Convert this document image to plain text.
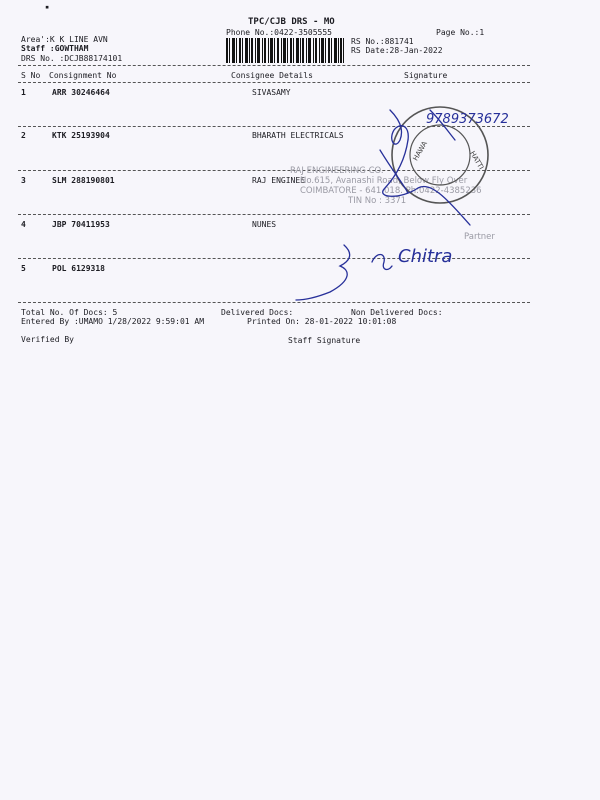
▪
TPC/CJB DRS - MO
Phone No.:0422-3505555	Page No.:1
Area':K K LINE AVN
Staff :GOWTHAM
DRS No. :DCJB88174101
RS No.:881741
RS Date:28-Jan-2022
S No Consignment No	Consignee Details	Signature
1	ARR 30246464	SIVASAMY
2	KTK 25193904	BHARATH ELECTRICALS
3	SLM 288190801	RAJ ENGINEE
4	JBP 70411953	NUNES
5	POL 6129318
RAJ ENGINEERING CO.
No.615, Avanashi Road, Below Fly Over
COIMBATORE - 641 018. Ph:0422-4385236
TIN No : 3371
Partner
HAWA	HATTI
9789373672
Chitra
Total No. Of Docs: 5	Delivered Docs:	Non Delivered Docs:
Entered By :UMAMO 1/28/2022 9:59:01 AM	Printed On: 28-01-2022 10:01:08
Verified By	Staff Signature
